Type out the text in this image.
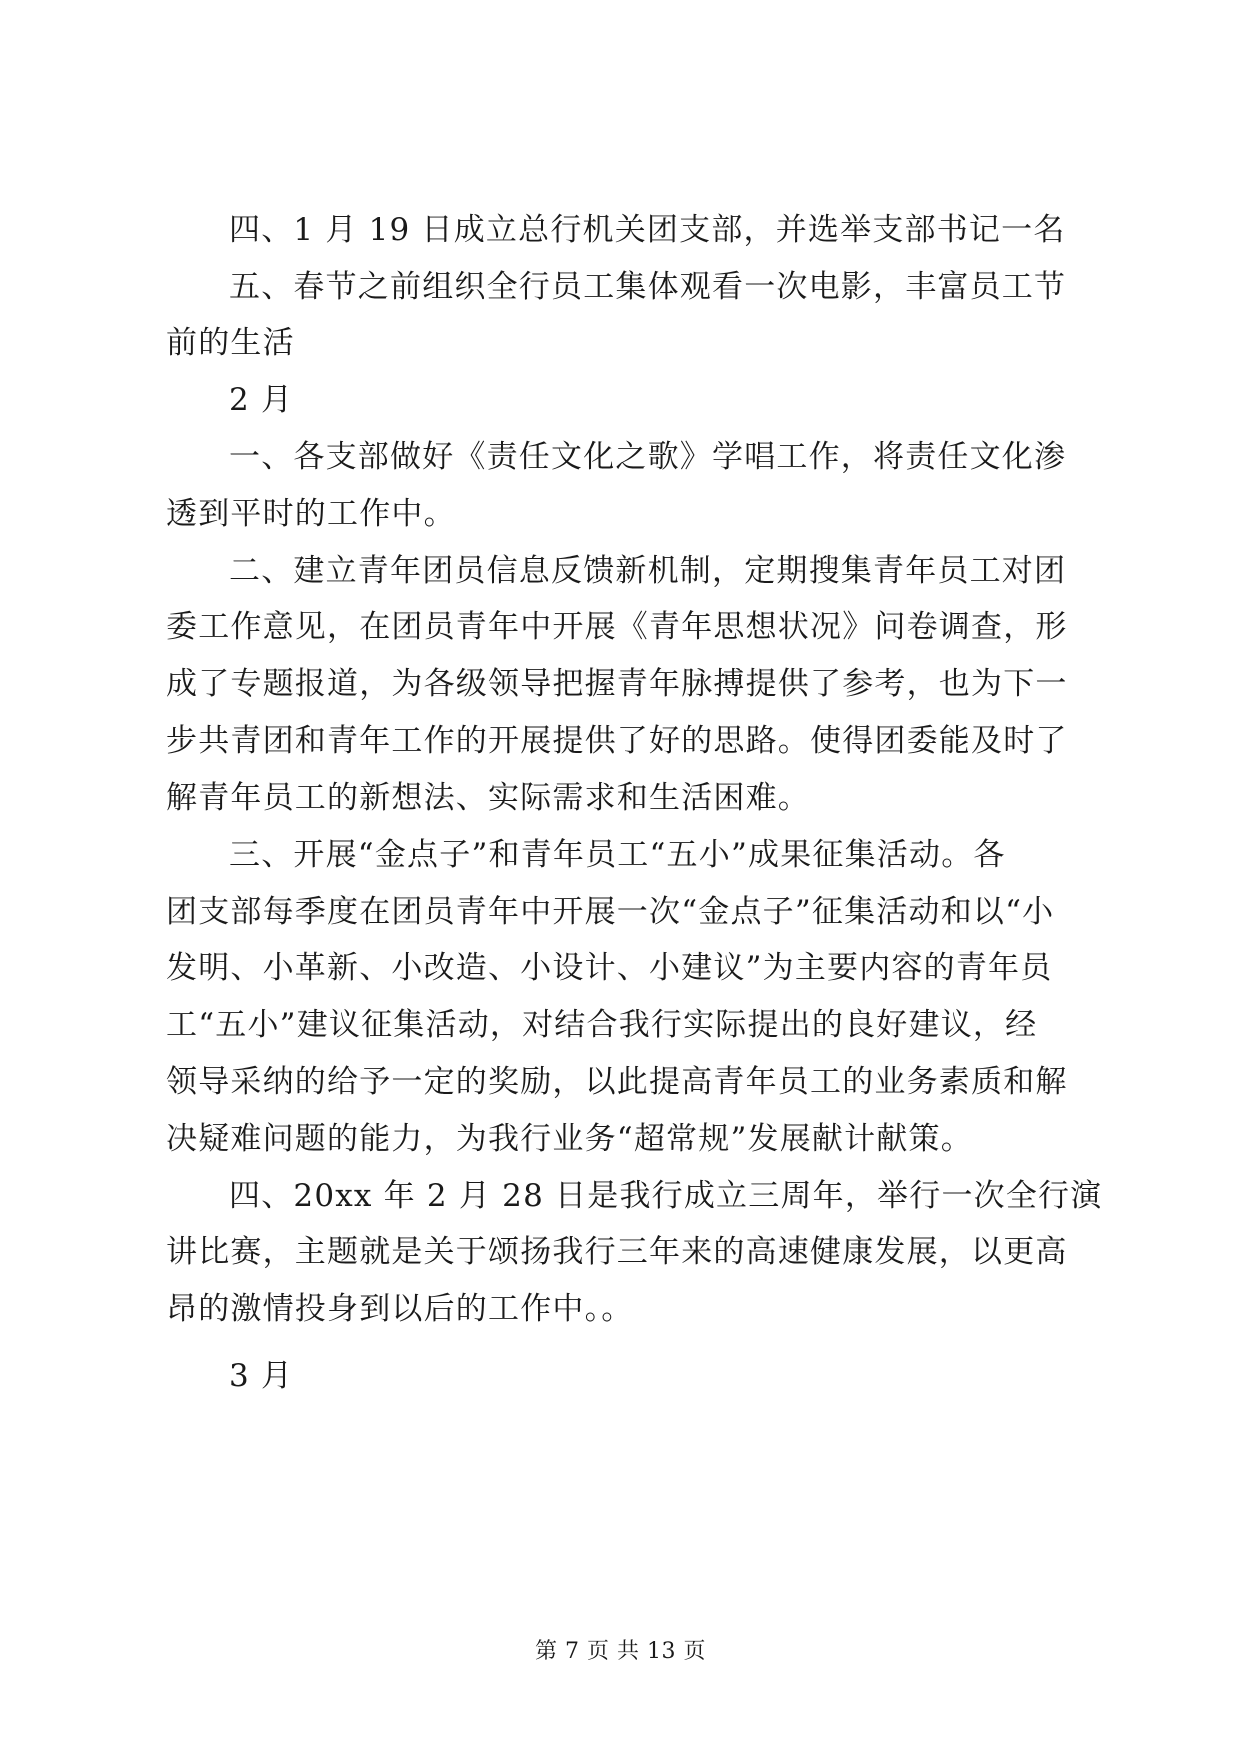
四、1 月 19 日成立总行机关团支部，并选举支部书记一名
五、春节之前组织全行员工集体观看一次电影，丰富员工节
前的生活
2 月
一、各支部做好《责任文化之歌》学唱工作，将责任文化渗
透到平时的工作中。
二、建立青年团员信息反馈新机制，定期搜集青年员工对团
委工作意见，在团员青年中开展《青年思想状况》问卷调查，形
成了专题报道，为各级领导把握青年脉搏提供了参考，也为下一
步共青团和青年工作的开展提供了好的思路。使得团委能及时了
解青年员工的新想法、实际需求和生活困难。
三、开展“金点子”和青年员工“五小”成果征集活动。各
团支部每季度在团员青年中开展一次“金点子”征集活动和以“小
发明、小革新、小改造、小设计、小建议”为主要内容的青年员
工“五小”建议征集活动，对结合我行实际提出的良好建议，经
领导采纳的给予一定的奖励，以此提高青年员工的业务素质和解
决疑难问题的能力，为我行业务“超常规”发展献计献策。
四、20xx 年 2 月 28 日是我行成立三周年，举行一次全行演
讲比赛，主题就是关于颂扬我行三年来的高速健康发展，以更高
昂的激情投身到以后的工作中。。
3 月
第 7 页 共 13 页
